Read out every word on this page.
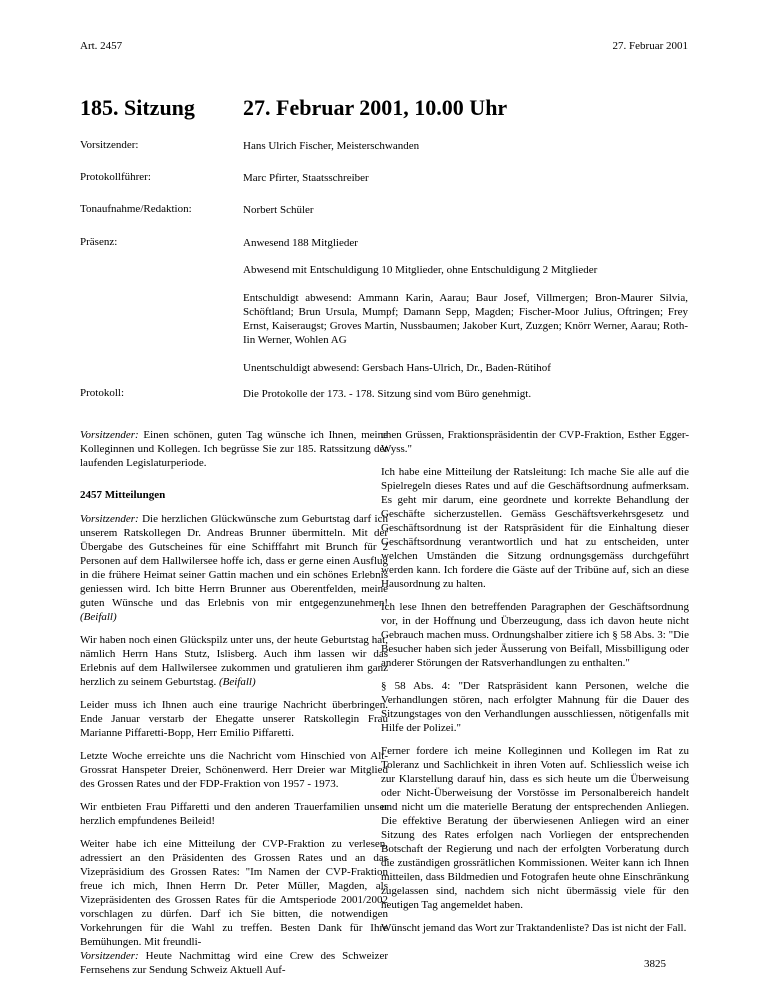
Art. 2457	27. Februar 2001
185. Sitzung 27. Februar 2001, 10.00 Uhr
Vorsitzender:	Hans Ulrich Fischer, Meisterschwanden
Protokollführer:	Marc Pfirter, Staatsschreiber
Tonaufnahme/Redaktion:	Norbert Schüler
Präsenz:	Anwesend 188 Mitglieder
Abwesend mit Entschuldigung 10 Mitglieder, ohne Entschuldigung 2 Mitglieder
Entschuldigt abwesend: Ammann Karin, Aarau; Baur Josef, Villmergen; Bron-Maurer Silvia, Schöftland; Brun Ursula, Mumpf; Damann Sepp, Magden; Fischer-Moor Julius, Oftringen; Frey Ernst, Kaiseraugst; Groves Martin, Nussbaumen; Jakober Kurt, Zuzgen; Knörr Werner, Aarau; Roth-Iin Werner, Wohlen AG
Unentschuldigt abwesend: Gersbach Hans-Ulrich, Dr., Baden-Rütihof
Protokoll:	Die Protokolle der 173. - 178. Sitzung sind vom Büro genehmigt.

Vorsitzender: Einen schönen, guten Tag wünsche ich Ihnen, meine Kolleginnen und Kollegen. Ich begrüsse Sie zur 185. Ratssitzung der laufenden Legislaturperiode.

2457 Mitteilungen

Vorsitzender: Die herzlichen Glückwünsche zum Geburtstag darf ich unserem Ratskollegen Dr. Andreas Brunner übermitteln. Mit der Übergabe des Gutscheines für eine Schifffahrt mit Brunch für 2 Personen auf dem Hallwilersee hoffe ich, dass er gerne einen Ausflug in die frühere Heimat seiner Gattin machen und ein schönes Erlebnis geniessen wird. Ich bitte Herrn Brunner aus Oberentfelden, meine guten Wünsche und das Erlebnis von mir entgegenzunehmen! (Beifall)

Wir haben noch einen Glückspilz unter uns, der heute Geburtstag hat, nämlich Herrn Hans Stutz, Islisberg. Auch ihm lassen wir das Erlebnis auf dem Hallwilersee zukommen und gratulieren ihm ganz herzlich zu seinem Geburtstag. (Beifall)

Leider muss ich Ihnen auch eine traurige Nachricht überbringen. Ende Januar verstarb der Ehegatte unserer Ratskollegin Frau Marianne Piffaretti-Bopp, Herr Emilio Piffaretti.

Letzte Woche erreichte uns die Nachricht vom Hinschied von Alt-Grossrat Hanspeter Dreier, Schönenwerd. Herr Dreier war Mitglied des Grossen Rates und der FDP-Fraktion von 1957 - 1973.

Wir entbieten Frau Piffaretti und den anderen Trauerfamilien unser herzlich empfundenes Beileid!

Weiter habe ich eine Mitteilung der CVP-Fraktion zu verlesen, adressiert an den Präsidenten des Grossen Rates und an das Vizepräsidium des Grossen Rates: "Im Namen der CVP-Fraktion freue ich mich, Ihnen Herrn Dr. Peter Müller, Magden, als Vizepräsidenten des Grossen Rates für die Amtsperiode 2001/2002 vorschlagen zu dürfen. Darf ich Sie bitten, die notwendigen Vorkehrungen für die Wahl zu treffen. Besten Dank für Ihre Bemühungen. Mit freundli-
Vorsitzender: Heute Nachmittag wird eine Crew des Schweizer Fernsehens zur Sendung Schweiz Aktuell Auf-

chen Grüssen, Fraktionspräsidentin der CVP-Fraktion, Esther Egger-Wyss."

Ich habe eine Mitteilung der Ratsleitung: Ich mache Sie alle auf die Spielregeln dieses Rates und auf die Geschäftsordnung aufmerksam. Es geht mir darum, eine geordnete und korrekte Behandlung der Geschäfte sicherzustellen. Gemäss Geschäftsverkehrsgesetz und Geschäftsordnung ist der Ratspräsident für die Einhaltung dieser Geschäftsordnung verantwortlich und hat zu entscheiden, unter welchen Umständen die Sitzung ordnungsgemäss durchgeführt werden kann. Ich fordere die Gäste auf der Tribüne auf, sich an diese Hausordnung zu halten.

Ich lese Ihnen den betreffenden Paragraphen der Geschäftsordnung vor, in der Hoffnung und Überzeugung, dass ich davon heute nicht Gebrauch machen muss. Ordnungshalber zitiere ich § 58 Abs. 3: "Die Besucher haben sich jeder Äusserung von Beifall, Missbilligung oder anderer Störungen der Ratsverhandlungen zu enthalten."

§ 58 Abs. 4: "Der Ratspräsident kann Personen, welche die Verhandlungen stören, nach erfolgter Mahnung für die Dauer des Sitzungstages von den Verhandlungen ausschliessen, nötigenfalls mit Hilfe der Polizei."

Ferner fordere ich meine Kolleginnen und Kollegen im Rat zu Toleranz und Sachlichkeit in ihren Voten auf. Schliesslich weise ich zur Klarstellung darauf hin, dass es sich heute um die Überweisung oder Nicht-Überweisung der Vorstösse im Personalbereich handelt und nicht um die materielle Beratung der entsprechenden Anliegen. Die effektive Beratung der überwiesenen Anliegen wird an einer Sitzung des Rates erfolgen nach Vorliegen der entsprechenden Botschaft der Regierung und nach der erfolgten Vorberatung durch die zuständigen grossrätlichen Kommissionen. Weiter kann ich Ihnen mitteilen, dass Bildmedien und Fotografen heute ohne Einschränkung zugelassen sind, nachdem sich nicht übermässig viele für den heutigen Tag angemeldet haben.

Wünscht jemand das Wort zur Traktandenliste? Das ist nicht der Fall.

3825
